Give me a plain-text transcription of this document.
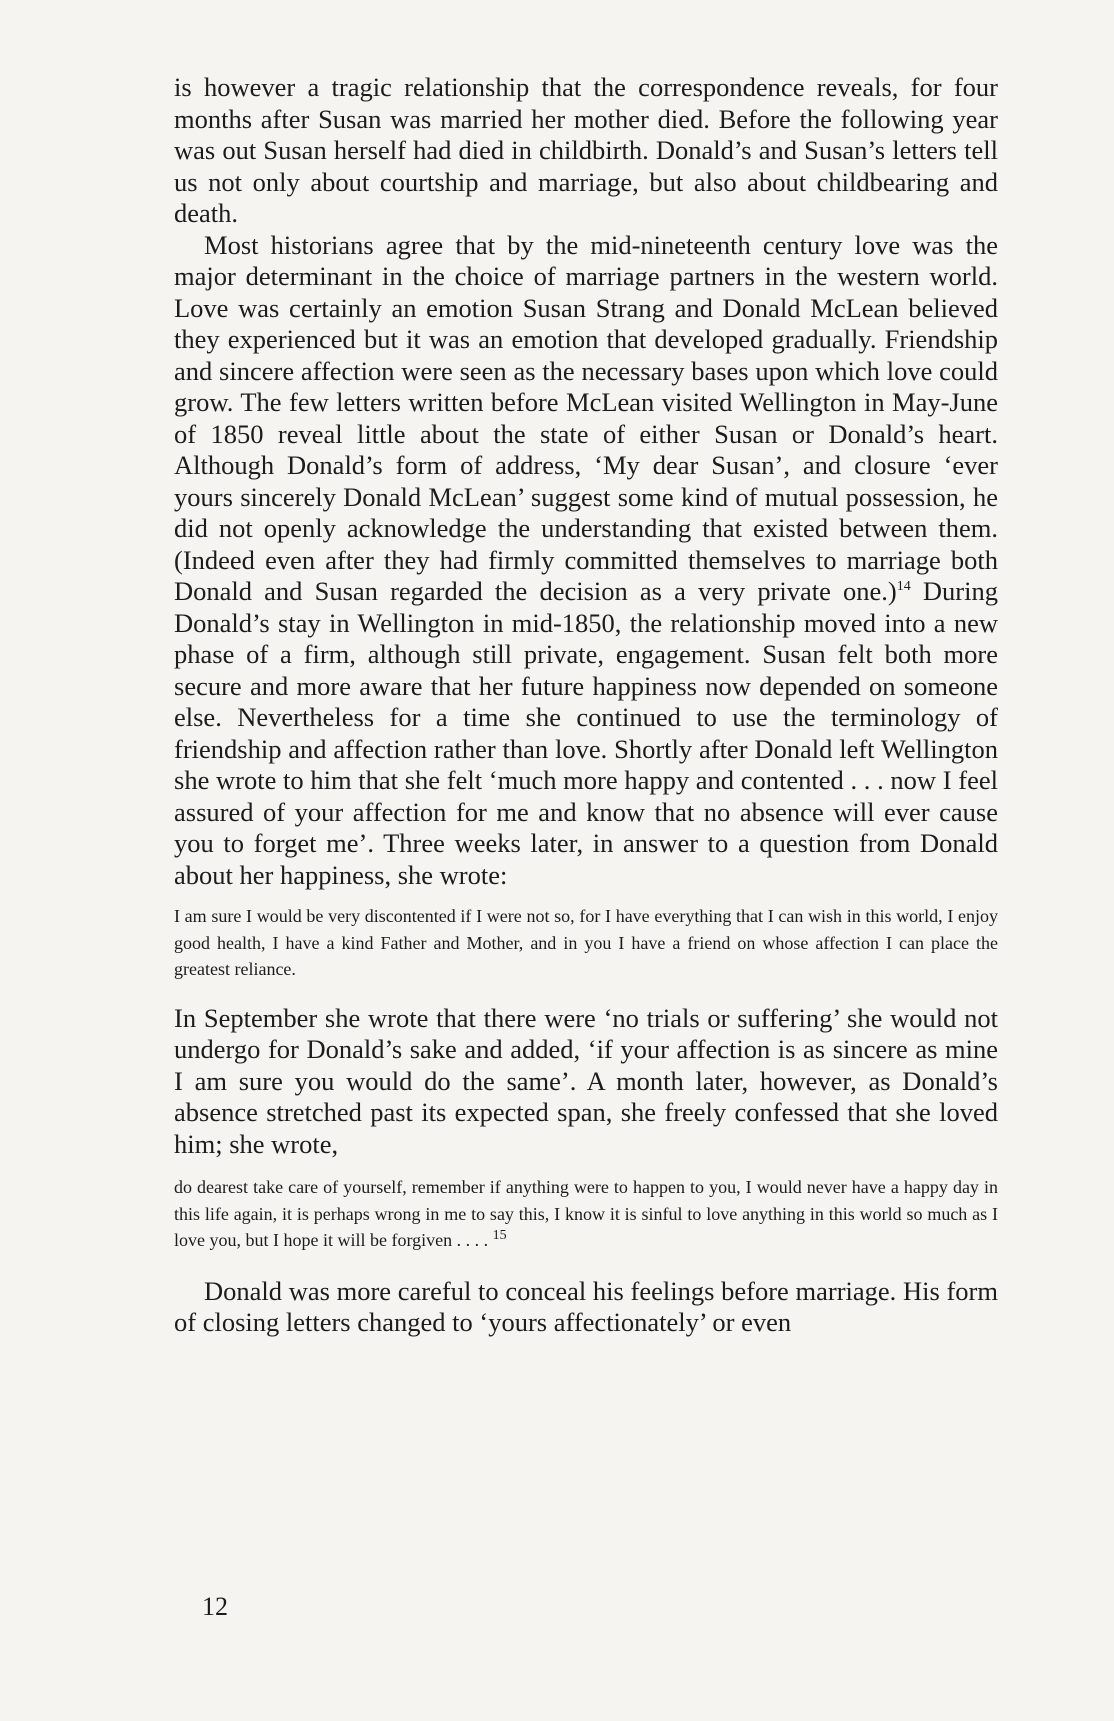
is however a tragic relationship that the correspondence reveals, for four months after Susan was married her mother died. Before the following year was out Susan herself had died in childbirth. Donald’s and Susan’s letters tell us not only about courtship and marriage, but also about childbearing and death.

Most historians agree that by the mid-nineteenth century love was the major determinant in the choice of marriage partners in the western world. Love was certainly an emotion Susan Strang and Donald McLean believed they experienced but it was an emotion that developed gradually. Friendship and sincere affection were seen as the necessary bases upon which love could grow. The few letters written before McLean visited Wellington in May-June of 1850 reveal little about the state of either Susan or Donald’s heart. Although Donald’s form of address, ‘My dear Susan’, and closure ‘ever yours sincerely Donald McLean’ suggest some kind of mutual possession, he did not openly acknowledge the understanding that existed between them. (Indeed even after they had firmly committed themselves to marriage both Donald and Susan regarded the decision as a very private one.)$^{14}$ During Donald’s stay in Wellington in mid-1850, the relationship moved into a new phase of a firm, although still private, engagement. Susan felt both more secure and more aware that her future happiness now depended on someone else. Nevertheless for a time she continued to use the terminology of friendship and affection rather than love. Shortly after Donald left Wellington she wrote to him that she felt ‘much more happy and contented . . . now I feel assured of your affection for me and know that no absence will ever cause you to forget me’. Three weeks later, in answer to a question from Donald about her happiness, she wrote:

I am sure I would be very discontented if I were not so, for I have everything that I can wish in this world, I enjoy good health, I have a kind Father and Mother, and in you I have a friend on whose affection I can place the greatest reliance.

In September she wrote that there were ‘no trials or suffering’ she would not undergo for Donald’s sake and added, ‘if your affection is as sincere as mine I am sure you would do the same’. A month later, however, as Donald’s absence stretched past its expected span, she freely confessed that she loved him; she wrote,

do dearest take care of yourself, remember if anything were to happen to you, I would never have a happy day in this life again, it is perhaps wrong in me to say this, I know it is sinful to love anything in this world so much as I love you, but I hope it will be forgiven . . . . $^{15}$

Donald was more careful to conceal his feelings before marriage. His form of closing letters changed to ‘yours affectionately’ or even

12
